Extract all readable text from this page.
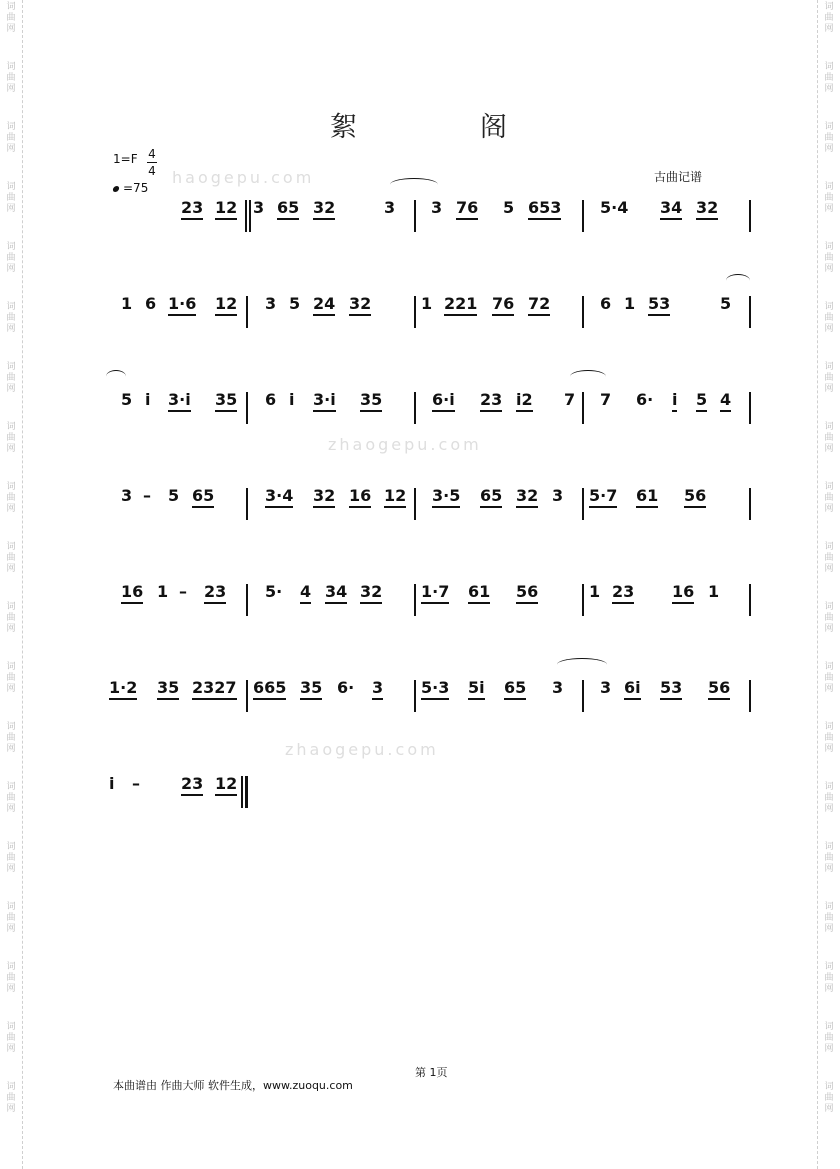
词
曲
网
词
曲
网
词
曲
网
词
曲
网
词
曲
网
词
曲
网
词
曲
网
词
曲
网
词
曲
网
词
曲
网
词
曲
网
词
曲
网
词
曲
网
词
曲
网
词
曲
网
词
曲
网
词
曲
网
词
曲
网
词
曲
网
词
曲
网
词
曲
网
词
曲
网
词
曲
网
词
曲
网
词
曲
网
词
曲
网
词
曲
网
词
曲
网
词
曲
网
词
曲
网
词
曲
网
词
曲
网
词
曲
网
词
曲
网
词
曲
网
词
曲
网
词
曲
网
词
曲
网
絮	阁
1=F 4
4
=75
古曲记谱
haogepu.com
zhaogepu.com
zhaogepu.com
23 12 3 65 32	3 3 76 5 653 5·4 34 32
1 6 1·6 12 3 5 24 32	1 221 76 72	6 1 53	5
5 i 3·i 35 6 i 3·i 35	6·i 23 i2 7 7 6· i 5 4
3 – 5 65	3·4 32 16 12 3·5 65 32 3 5·7 61 56
16 1 – 23 5· 4 34 32 1·7 61 56	1 23 16 1
1·2 35 2327 665 35 6· 3 5·3 5i 65 3 3 6i 53 56
i –	23 12
第 1页
本曲谱由 作曲大师 软件生成，www.zuoqu.com
